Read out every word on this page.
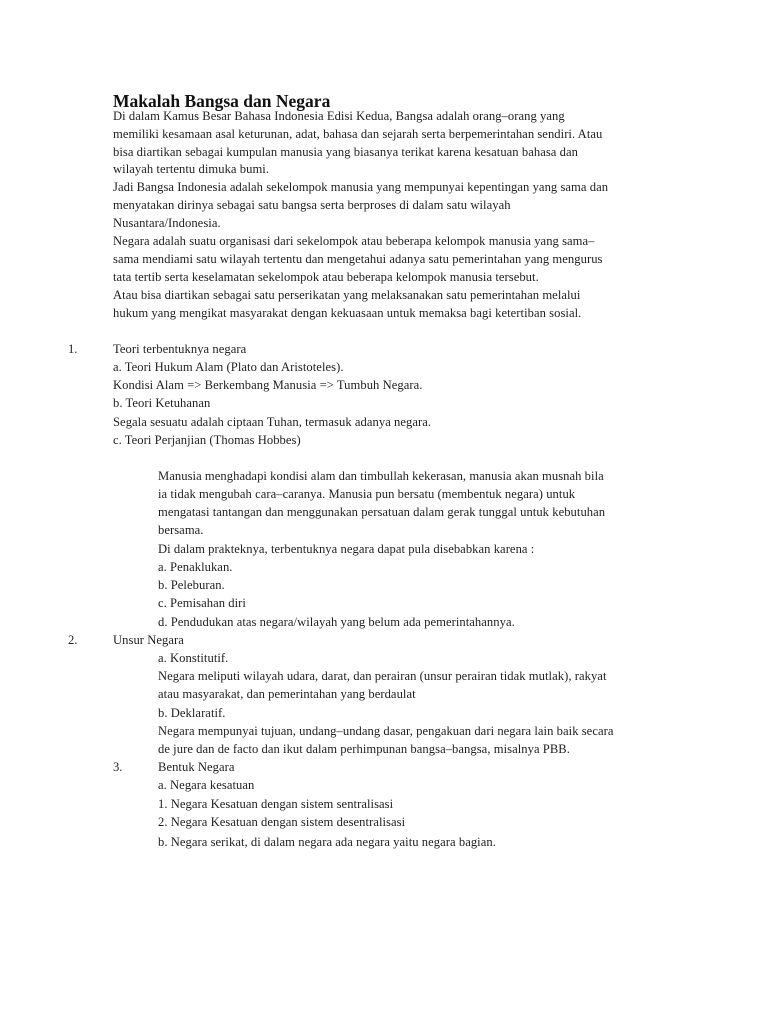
Makalah Bangsa dan Negara
Di dalam Kamus Besar Bahasa Indonesia Edisi Kedua, Bangsa adalah orang–orang yang
memiliki kesamaan asal keturunan, adat, bahasa dan sejarah serta berpemerintahan sendiri. Atau
bisa diartikan sebagai kumpulan manusia yang biasanya terikat karena kesatuan bahasa dan
wilayah tertentu dimuka bumi.
Jadi Bangsa Indonesia adalah sekelompok manusia yang mempunyai kepentingan yang sama dan
menyatakan dirinya sebagai satu bangsa serta berproses di dalam satu wilayah
Nusantara/Indonesia.
Negara adalah suatu organisasi dari sekelompok atau beberapa kelompok manusia yang sama–
sama mendiami satu wilayah tertentu dan mengetahui adanya satu pemerintahan yang mengurus
tata tertib serta keselamatan sekelompok atau beberapa kelompok manusia tersebut.
Atau bisa diartikan sebagai satu perserikatan yang melaksanakan satu pemerintahan melalui
hukum yang mengikat masyarakat dengan kekuasaan untuk memaksa bagi ketertiban sosial.
1.	Teori terbentuknya negara
a. Teori Hukum Alam (Plato dan Aristoteles).
Kondisi Alam => Berkembang Manusia => Tumbuh Negara.
b. Teori Ketuhanan
Segala sesuatu adalah ciptaan Tuhan, termasuk adanya negara.
c. Teori Perjanjian (Thomas Hobbes)
Manusia menghadapi kondisi alam dan timbullah kekerasan, manusia akan musnah bila
ia tidak mengubah cara–caranya. Manusia pun bersatu (membentuk negara) untuk
mengatasi tantangan dan menggunakan persatuan dalam gerak tunggal untuk kebutuhan
bersama.
Di dalam prakteknya, terbentuknya negara dapat pula disebabkan karena :
a. Penaklukan.
b. Peleburan.
c. Pemisahan diri
d. Pendudukan atas negara/wilayah yang belum ada pemerintahannya.
2.	Unsur Negara
a. Konstitutif.
Negara meliputi wilayah udara, darat, dan perairan (unsur perairan tidak mutlak), rakyat
atau masyarakat, dan pemerintahan yang berdaulat
b. Deklaratif.
Negara mempunyai tujuan, undang–undang dasar, pengakuan dari negara lain baik secara
de jure dan de facto dan ikut dalam perhimpunan bangsa–bangsa, misalnya PBB.
3.	Bentuk Negara
a. Negara kesatuan
1. Negara Kesatuan dengan sistem sentralisasi
2. Negara Kesatuan dengan sistem desentralisasi
b. Negara serikat, di dalam negara ada negara yaitu negara bagian.
